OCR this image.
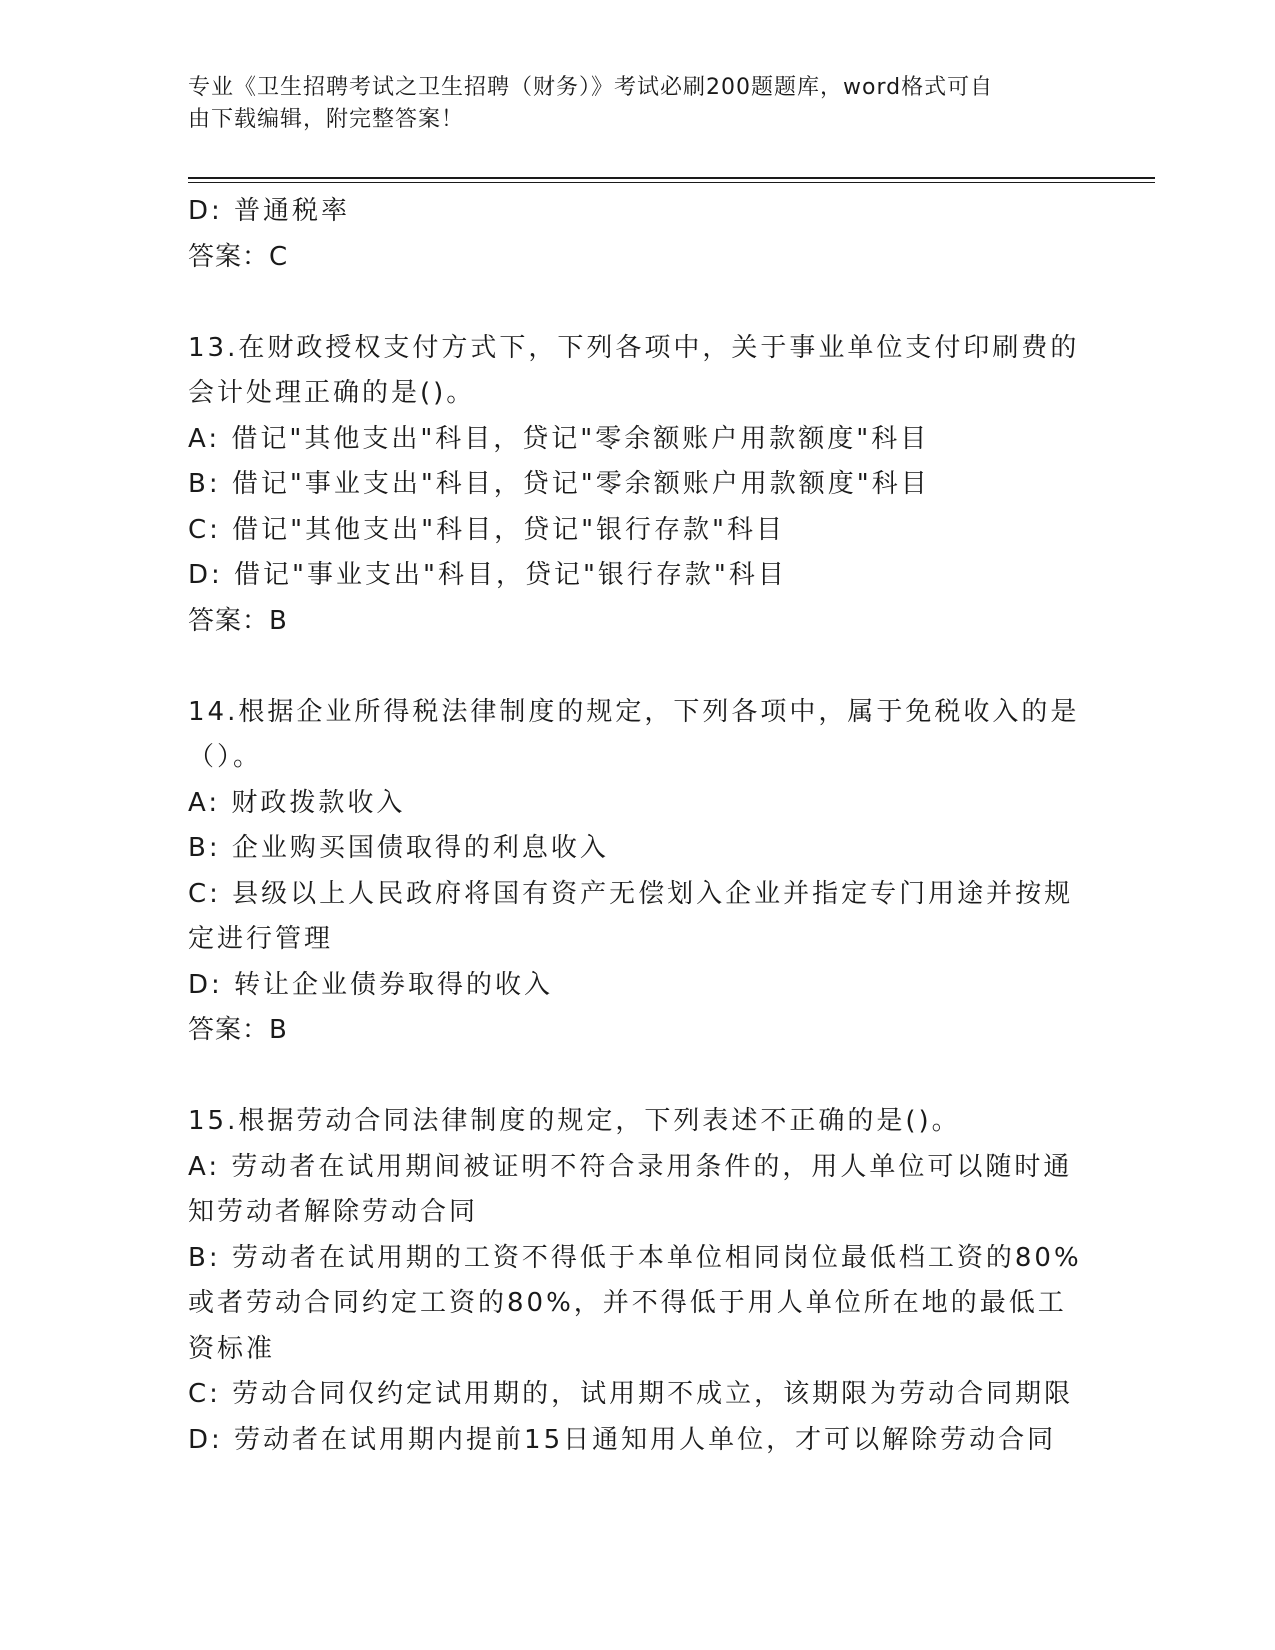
专业《卫生招聘考试之卫生招聘（财务）》考试必刷200题题库，word格式可自
由下载编辑，附完整答案！
D: 普通税率
答案：C
13.在财政授权支付方式下，下列各项中，关于事业单位支付印刷费的
会计处理正确的是()。
A: 借记"其他支出"科目，贷记"零余额账户用款额度"科目
B: 借记"事业支出"科目，贷记"零余额账户用款额度"科目
C: 借记"其他支出"科目，贷记"银行存款"科目
D: 借记"事业支出"科目，贷记"银行存款"科目
答案：B
14.根据企业所得税法律制度的规定，下列各项中，属于免税收入的是
（）。
A: 财政拨款收入
B: 企业购买国债取得的利息收入
C: 县级以上人民政府将国有资产无偿划入企业并指定专门用途并按规
定进行管理
D: 转让企业债券取得的收入
答案：B
15.根据劳动合同法律制度的规定，下列表述不正确的是()。
A: 劳动者在试用期间被证明不符合录用条件的，用人单位可以随时通
知劳动者解除劳动合同
B: 劳动者在试用期的工资不得低于本单位相同岗位最低档工资的80%
或者劳动合同约定工资的80%，并不得低于用人单位所在地的最低工
资标准
C: 劳动合同仅约定试用期的，试用期不成立，该期限为劳动合同期限
D: 劳动者在试用期内提前15日通知用人单位，才可以解除劳动合同
